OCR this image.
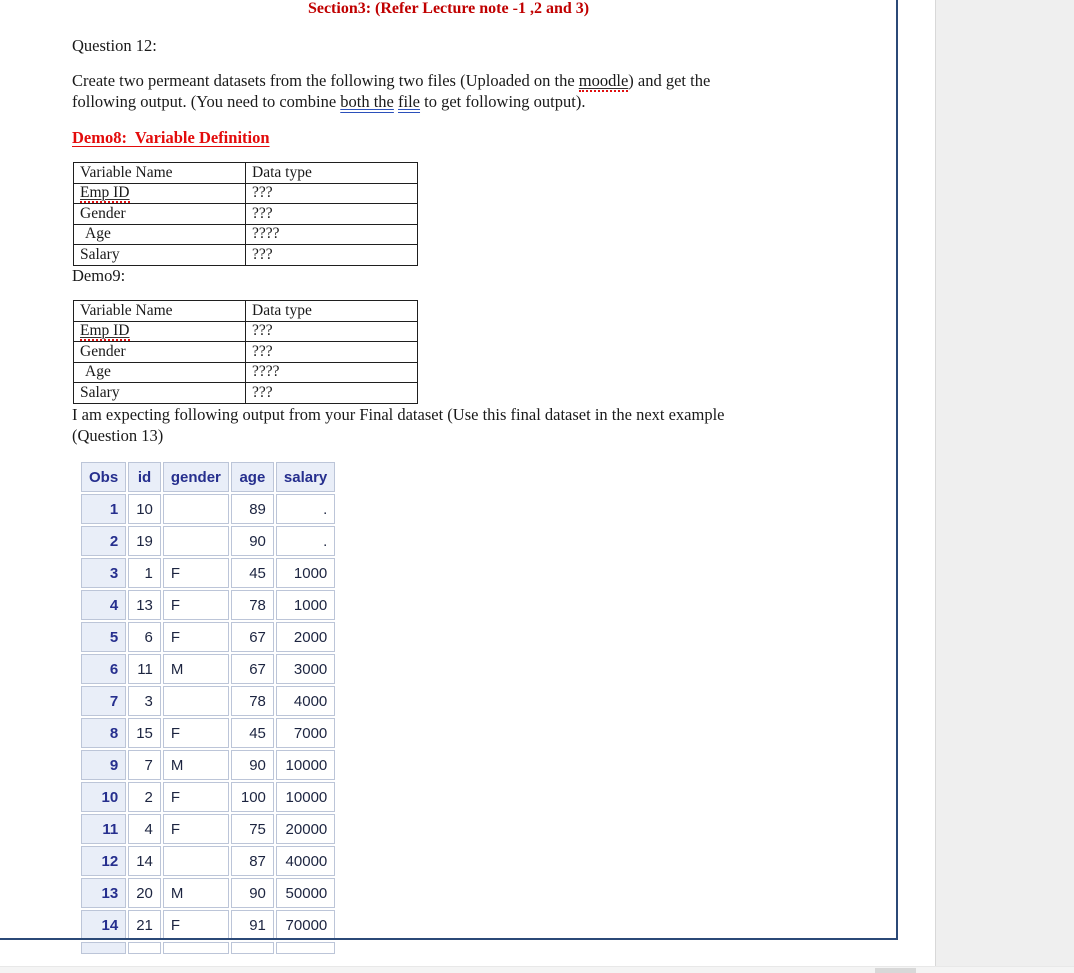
Section3: (Refer Lecture note -1 ,2 and 3)
Question 12:
Create two permeant datasets from the following two files (Uploaded on the moodle) and get the
following output. (You need to combine both the file to get following output).
Demo8:  Variable Definition
Variable Name	Data type
Emp ID	???
Gender	???
Age	????
Salary	???
Demo9:
Variable Name	Data type
Emp ID	???
Gender	???
Age	????
Salary	???
I am expecting following output from your Final dataset (Use this final dataset in the next example
(Question 13)
Obs	id	gender	age	salary
1	10		89	.
2	19		90	.
3	1	F	45	1000
4	13	F	78	1000
5	6	F	67	2000
6	11	M	67	3000
7	3		78	4000
8	15	F	45	7000
9	7	M	90	10000
10	2	F	100	10000
11	4	F	75	20000
12	14		87	40000
13	20	M	90	50000
14	21	F	91	70000
